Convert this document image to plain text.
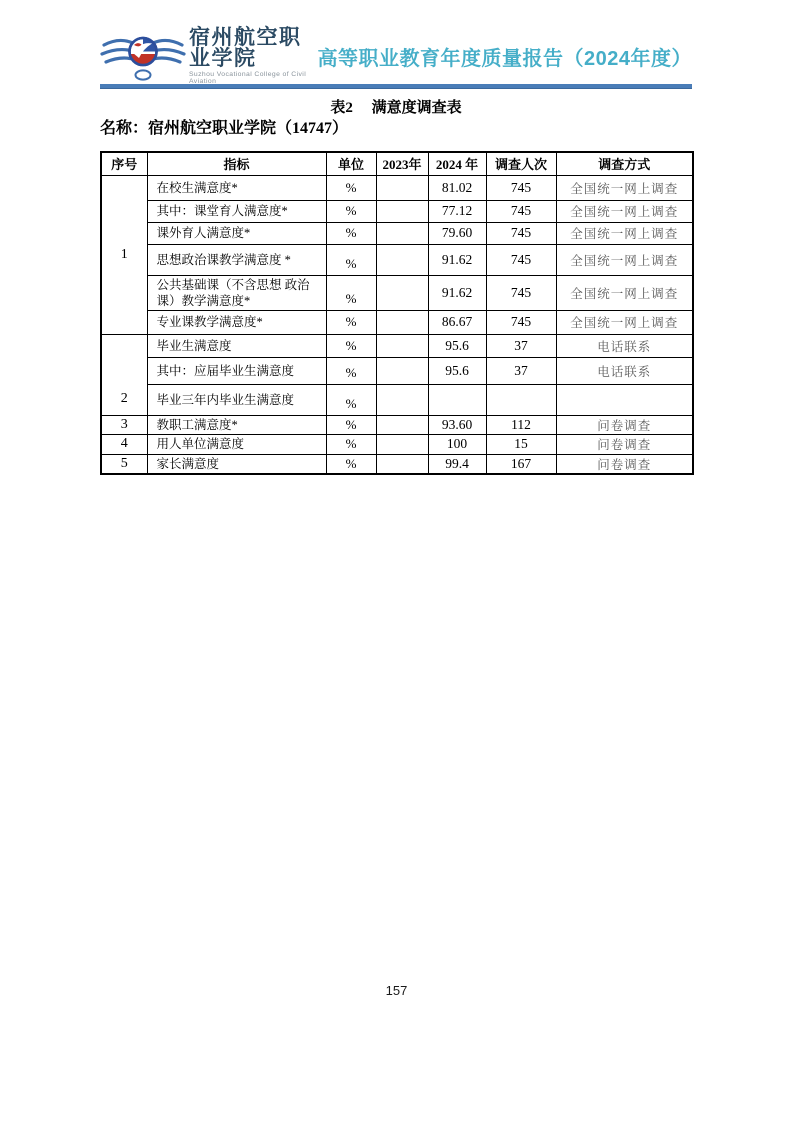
宿州航空职业学院
Suzhou Vocational College of Civil Aviation
高等职业教育年度质量报告（2024年度）
表2　 满意度调查表
名称：宿州航空职业学院（14747）
序号	指标	单位	2023年	2024 年	调查人次	调查方式
1	在校生满意度*	%		81.02	745	全国统一网上调查
	其中：课堂育人满意度*	%		77.12	745	全国统一网上调查
	课外育人满意度*	%		79.60	745	全国统一网上调查
	思想政治课教学满意度 *	%		91.62	745	全国统一网上调查
	公共基础课（不含思想 政治课）教学满意度*	%		91.62	745	全国统一网上调查
	专业课教学满意度*	%		86.67	745	全国统一网上调查
2	毕业生满意度	%		95.6	37	电话联系
	其中：应届毕业生满意度	%		95.6	37	电话联系
	毕业三年内毕业生满意度	%				
3	教职工满意度*	%		93.60	112	问卷调查
4	用人单位满意度	%		100	15	问卷调查
5	家长满意度	%		99.4	167	问卷调查
157
